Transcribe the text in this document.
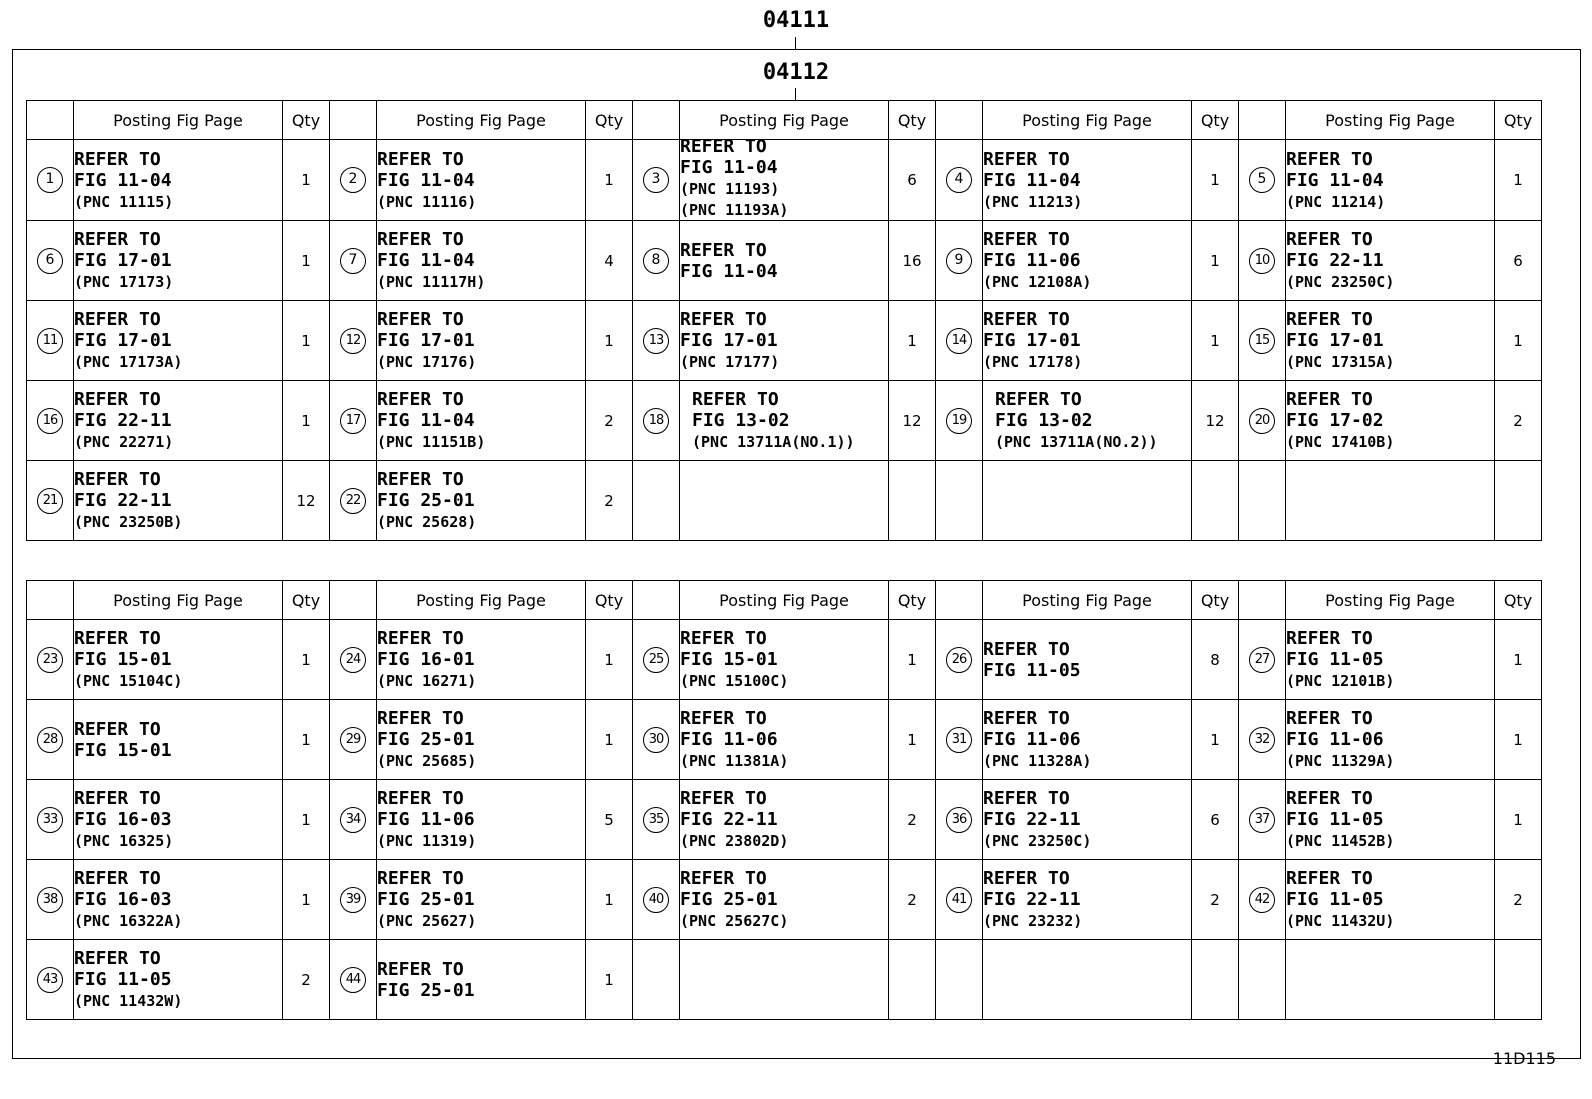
04111
04112
	Posting Fig Page	Qty		Posting Fig Page	Qty		Posting Fig Page	Qty		Posting Fig Page	Qty		Posting Fig Page	Qty
1	REFER TO
FIG 11-04
(PNC 11115)	1	2	REFER TO
FIG 11-04
(PNC 11116)	1	3	REFER TO
FIG 11-04
(PNC 11193)
(PNC 11193A)	6	4	REFER TO
FIG 11-04
(PNC 11213)	1	5	REFER TO
FIG 11-04
(PNC 11214)	1
6	REFER TO
FIG 17-01
(PNC 17173)	1	7	REFER TO
FIG 11-04
(PNC 11117H)	4	8	REFER TO
FIG 11-04	16	9	REFER TO
FIG 11-06
(PNC 12108A)	1	10	REFER TO
FIG 22-11
(PNC 23250C)	6
11	REFER TO
FIG 17-01
(PNC 17173A)	1	12	REFER TO
FIG 17-01
(PNC 17176)	1	13	REFER TO
FIG 17-01
(PNC 17177)	1	14	REFER TO
FIG 17-01
(PNC 17178)	1	15	REFER TO
FIG 17-01
(PNC 17315A)	1
16	REFER TO
FIG 22-11
(PNC 22271)	1	17	REFER TO
FIG 11-04
(PNC 11151B)	2	18	REFER TO
FIG 13-02
(PNC 13711A(NO.1))	12	19	REFER TO
FIG 13-02
(PNC 13711A(NO.2))	12	20	REFER TO
FIG 17-02
(PNC 17410B)	2
21	REFER TO
FIG 22-11
(PNC 23250B)	12	22	REFER TO
FIG 25-01
(PNC 25628)	2									
	Posting Fig Page	Qty		Posting Fig Page	Qty		Posting Fig Page	Qty		Posting Fig Page	Qty		Posting Fig Page	Qty
23	REFER TO
FIG 15-01
(PNC 15104C)	1	24	REFER TO
FIG 16-01
(PNC 16271)	1	25	REFER TO
FIG 15-01
(PNC 15100C)	1	26	REFER TO
FIG 11-05	8	27	REFER TO
FIG 11-05
(PNC 12101B)	1
28	REFER TO
FIG 15-01	1	29	REFER TO
FIG 25-01
(PNC 25685)	1	30	REFER TO
FIG 11-06
(PNC 11381A)	1	31	REFER TO
FIG 11-06
(PNC 11328A)	1	32	REFER TO
FIG 11-06
(PNC 11329A)	1
33	REFER TO
FIG 16-03
(PNC 16325)	1	34	REFER TO
FIG 11-06
(PNC 11319)	5	35	REFER TO
FIG 22-11
(PNC 23802D)	2	36	REFER TO
FIG 22-11
(PNC 23250C)	6	37	REFER TO
FIG 11-05
(PNC 11452B)	1
38	REFER TO
FIG 16-03
(PNC 16322A)	1	39	REFER TO
FIG 25-01
(PNC 25627)	1	40	REFER TO
FIG 25-01
(PNC 25627C)	2	41	REFER TO
FIG 22-11
(PNC 23232)	2	42	REFER TO
FIG 11-05
(PNC 11432U)	2
43	REFER TO
FIG 11-05
(PNC 11432W)	2	44	REFER TO
FIG 25-01	1									
11D115
